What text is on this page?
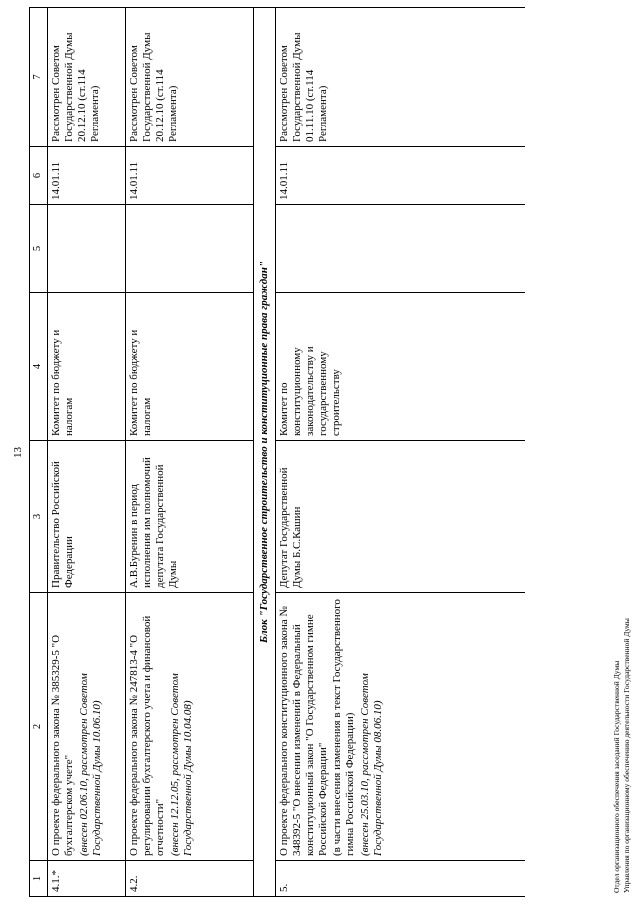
13
1	2	3	4	5	6	7
4.1.*	О проекте федерального закона № 385329-5 "О бухгалтерском учете" (внесен 02.06.10, рассмотрен Советом Государственной Думы 10.06.10)	Правительство Российской Федерации	Комитет по бюджету и налогам		14.01.11	Рассмотрен Советом Государственной Думы 20.12.10 (ст.114 Регламента)
4.2.	О проекте федерального закона № 247813-4 "О регулировании бухгалтерского учета и финансовой отчетности" (внесен 12.12.05, рассмотрен Советом Государственной Думы 10.04.08)	А.В.Буренин в период исполнения им полномочий депутата Государственной Думы	Комитет по бюджету и налогам		14.01.11	Рассмотрен Советом Государственной Думы 20.12.10 (ст.114 Регламента)
Блок "Государственное строительство и конституционные права граждан"						
5.	О проекте федерального конституционного закона № 348392-5 "О внесении изменений в Федеральный конституционный закон "О Государственном гимне Российской Федерации" (в части внесения изменения в текст Государственного гимна Российской Федерации) (внесен 25.03.10, рассмотрен Советом Государственной Думы 08.06.10)	Депутат Государственной Думы Б.С.Кашин	Комитет по конституционному законодательству и государственному строительству		14.01.11	Рассмотрен Советом Государственной Думы 01.11.10 (ст.114 Регламента)
Отдел организационного обеспечения заседаний Государственной Думы Управления по организационному обеспечению деятельности Государственной Думы
